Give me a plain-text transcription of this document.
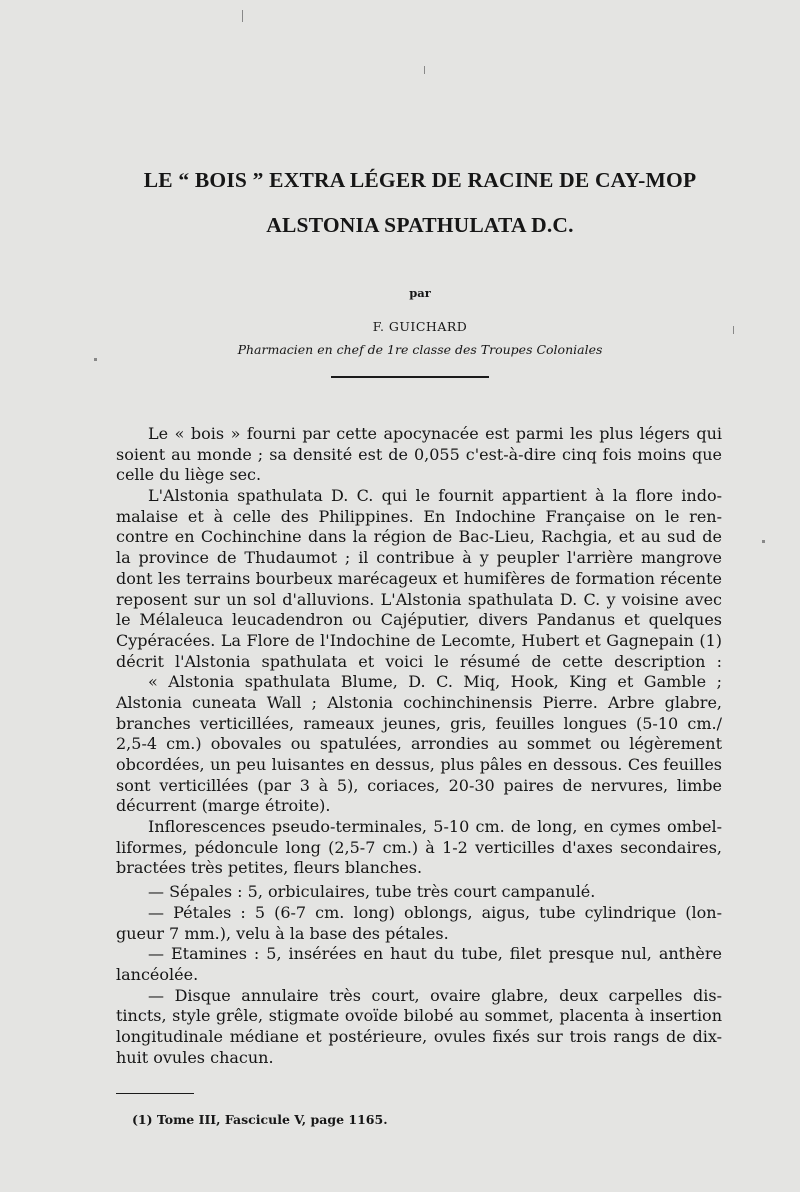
LE “ BOIS ” EXTRA LÉGER DE RACINE DE CAY-MOP
ALSTONIA SPATHULATA D.C.
par
F. GUICHARD
Pharmacien en chef de 1re classe des Troupes Coloniales
Le « bois » fourni par cette apocynacée est parmi les plus légers qui
soient au monde ; sa densité est de 0,055 c'est-à-dire cinq fois moins que
celle du liège sec.
L'Alstonia spathulata D. C. qui le fournit appartient à la flore indo-
malaise et à celle des Philippines. En Indochine Française on le ren-
contre en Cochinchine dans la région de Bac-Lieu, Rachgia, et au sud de
la province de Thudaumot ; il contribue à y peupler l'arrière mangrove
dont les terrains bourbeux marécageux et humifères de formation récente
reposent sur un sol d'alluvions. L'Alstonia spathulata D. C. y voisine avec
le Mélaleuca leucadendron ou Cajéputier, divers Pandanus et quelques
Cypéracées. La Flore de l'Indochine de Lecomte, Hubert et Gagnepain (1)
décrit l'Alstonia spathulata et voici le résumé de cette description :
« Alstonia spathulata Blume, D. C. Miq, Hook, King et Gamble ;
Alstonia cuneata Wall ; Alstonia cochinchinensis Pierre. Arbre glabre,
branches verticillées, rameaux jeunes, gris, feuilles longues (5-10 cm./
2,5-4 cm.) obovales ou spatulées, arrondies au sommet ou légèrement
obcordées, un peu luisantes en dessus, plus pâles en dessous. Ces feuilles
sont verticillées (par 3 à 5), coriaces, 20-30 paires de nervures, limbe
décurrent (marge étroite).
Inflorescences pseudo-terminales, 5-10 cm. de long, en cymes ombel-
liformes, pédoncule long (2,5-7 cm.) à 1-2 verticilles d'axes secondaires,
bractées très petites, fleurs blanches.
— Sépales : 5, orbiculaires, tube très court campanulé.
— Pétales : 5 (6-7 cm. long) oblongs, aigus, tube cylindrique (lon-
gueur 7 mm.), velu à la base des pétales.
— Etamines : 5, insérées en haut du tube, filet presque nul, anthère
lancéolée.
— Disque annulaire très court, ovaire glabre, deux carpelles dis-
tincts, style grêle, stigmate ovoïde bilobé au sommet, placenta à insertion
longitudinale médiane et postérieure, ovules fixés sur trois rangs de dix-
huit ovules chacun.
(1) Tome III, Fascicule V, page 1165.
